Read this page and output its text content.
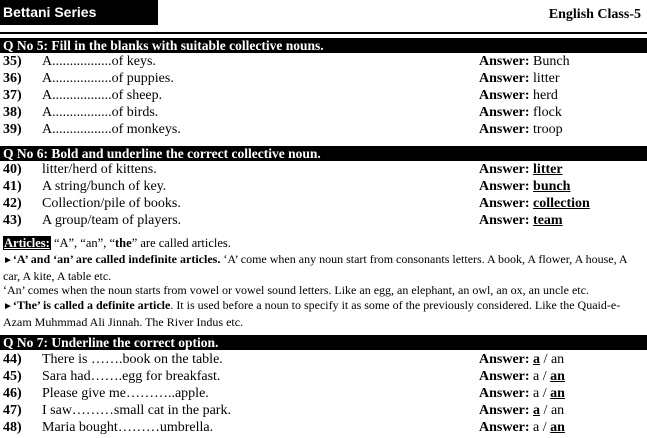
Bettani Series	English Class-5
Q No 5: Fill in the blanks with suitable collective nouns.
35) A.................of keys.	Answer: Bunch
36) A.................of puppies.	Answer: litter
37) A.................of sheep.	Answer: herd
38) A.................of birds.	Answer: flock
39) A.................of monkeys.	Answer: troop
Q No 6: Bold and underline the correct collective noun.
40) litter/herd of kittens.	Answer: litter
41) A string/bunch of key.	Answer: bunch
42) Collection/pile of books.	Answer: collection
43) A group/team of players.	Answer: team
Articles: “A”, “an”, “the” are called articles.
►‘A’ and ‘an’ are called indefinite articles. ‘A’ come when any noun start from consonants letters. A book, A flower, A house, A car, A kite, A table etc.
‘An’ comes when the noun starts from vowel or vowel sound letters. Like an egg, an elephant, an owl, an ox, an uncle etc.
►‘The’ is called a definite article. It is used before a noun to specify it as some of the previously considered. Like the Quaid-e-Azam Muhmmad Ali Jinnah. The River Indus etc.
Q No 7: Underline the correct option.
44) There is …….book on the table.	Answer: a / an
45) Sara had…….egg for breakfast.	Answer: a / an
46) Please give me………..apple.	Answer: a / an
47) I saw………small cat in the park.	Answer: a / an
48) Maria bought………umbrella.	Answer: a / an
